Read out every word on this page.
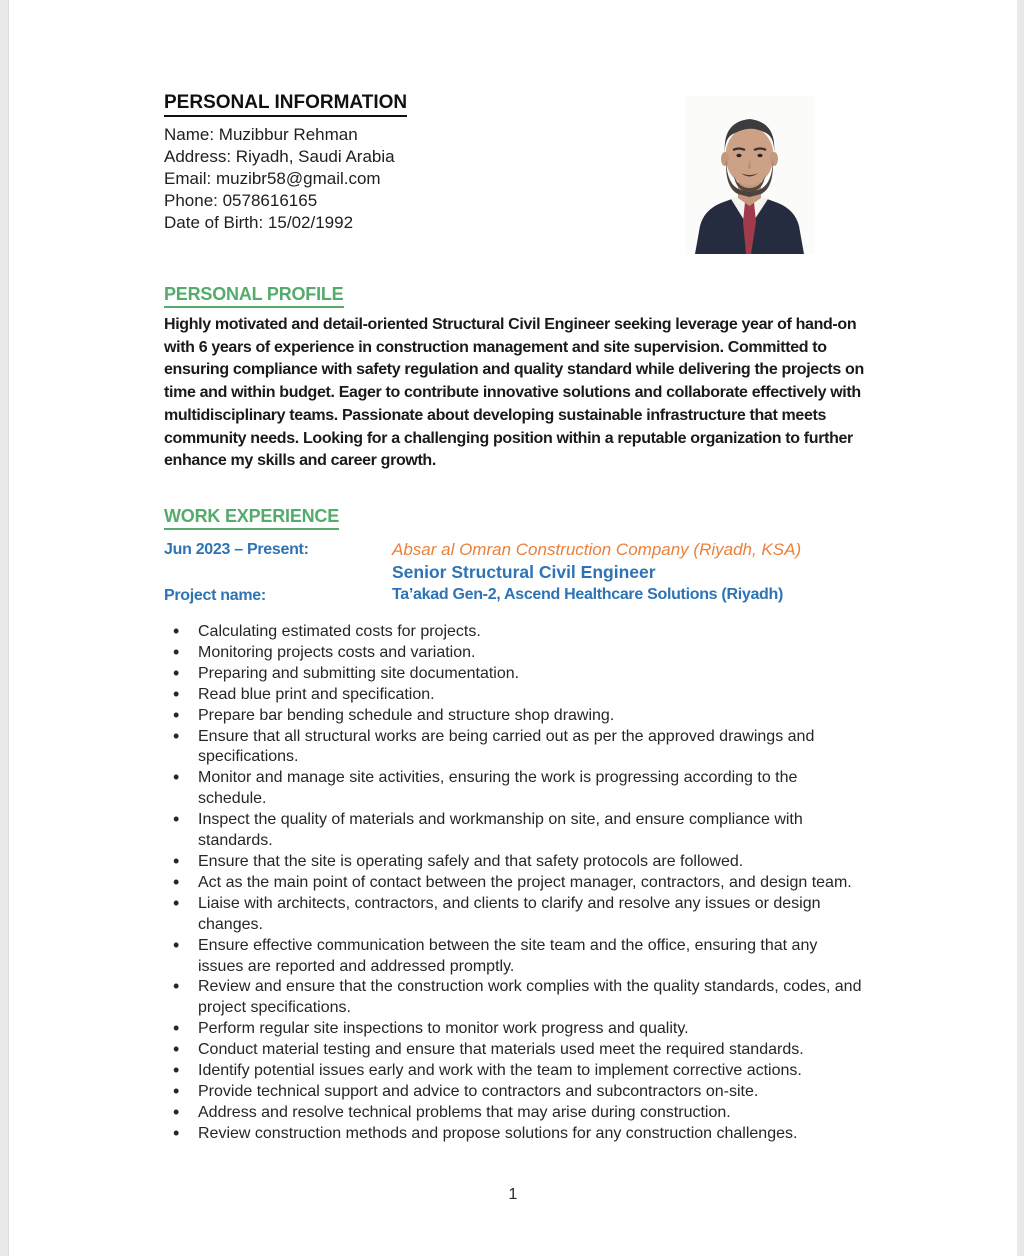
PERSONAL INFORMATION
Name: Muzibbur Rehman
Address: Riyadh, Saudi Arabia
Email: muzibr58@gmail.com
Phone: 0578616165
Date of Birth: 15/02/1992
PERSONAL PROFILE

Highly motivated and detail-oriented Structural Civil Engineer seeking leverage year of hand-on with 6 years of experience in construction management and site supervision. Committed to ensuring compliance with safety regulation and quality standard while delivering the projects on time and within budget. Eager to contribute innovative solutions and collaborate effectively with multidisciplinary teams. Passionate about developing sustainable infrastructure that meets community needs. Looking for a challenging position within a reputable organization to further enhance my skills and career growth.

WORK EXPERIENCE
Jun 2023 – Present:	Absar al Omran Construction Company (Riyadh, KSA)
Senior Structural Civil Engineer
Project name:	Ta’akad Gen-2, Ascend Healthcare Solutions (Riyadh)
• Calculating estimated costs for projects.
• Monitoring projects costs and variation.
• Preparing and submitting site documentation.
• Read blue print and specification.
• Prepare bar bending schedule and structure shop drawing.
• Ensure that all structural works are being carried out as per the approved drawings and specifications.
• Monitor and manage site activities, ensuring the work is progressing according to the schedule.
• Inspect the quality of materials and workmanship on site, and ensure compliance with standards.
• Ensure that the site is operating safely and that safety protocols are followed.
• Act as the main point of contact between the project manager, contractors, and design team.
• Liaise with architects, contractors, and clients to clarify and resolve any issues or design changes.
• Ensure effective communication between the site team and the office, ensuring that any issues are reported and addressed promptly.
• Review and ensure that the construction work complies with the quality standards, codes, and project specifications.
• Perform regular site inspections to monitor work progress and quality.
• Conduct material testing and ensure that materials used meet the required standards.
• Identify potential issues early and work with the team to implement corrective actions.
• Provide technical support and advice to contractors and subcontractors on-site.
• Address and resolve technical problems that may arise during construction.
• Review construction methods and propose solutions for any construction challenges.
1
